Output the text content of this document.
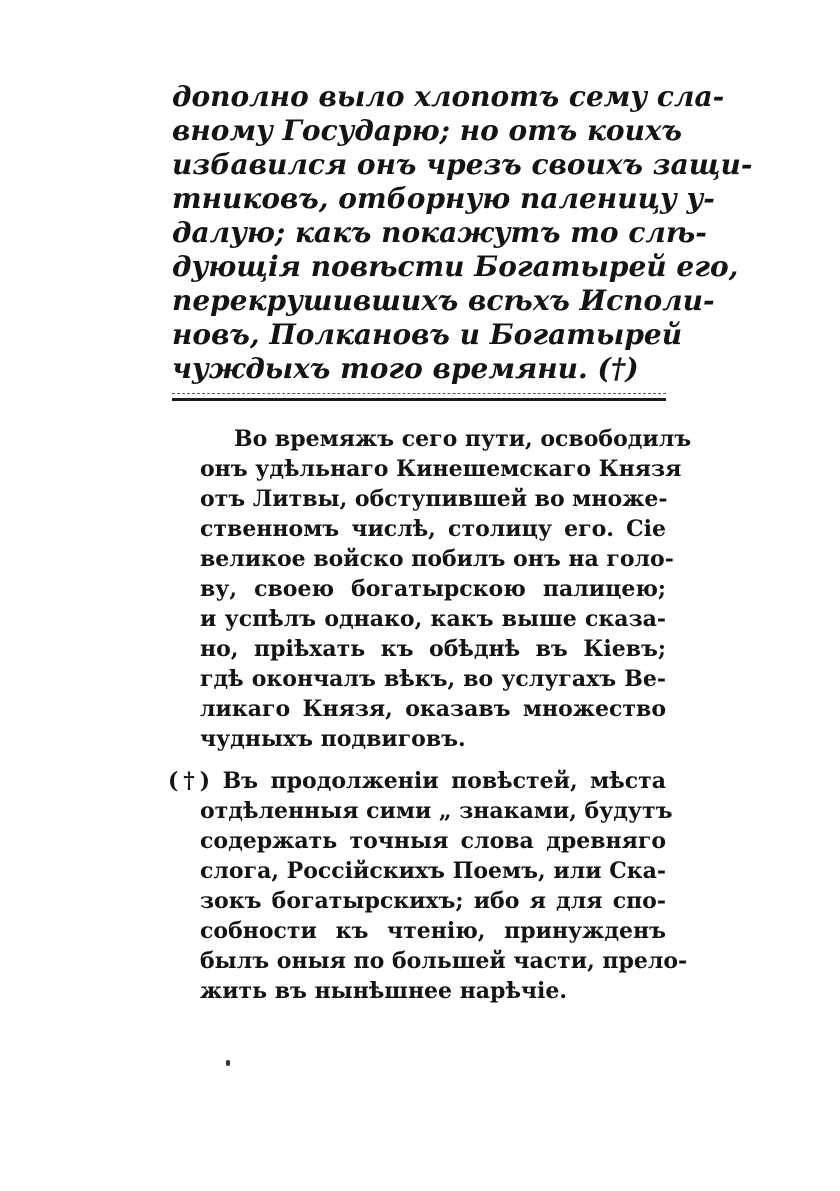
дополно выло хлопотъ сему сла-
вному Государю; но отъ коихъ
избавился онъ чрезъ своихъ защи-
тниковъ, отборную паленицу у-
далую; какъ покажутъ то слѣ-
дующія повѣсти Богатырей его,
перекрушившихъ всѣхъ Исполи-
новъ, Полкановъ и Богатырей
чуждыхъ того времяни. (†)
Во времяжъ сего пути, освободилъ
онъ удѣльнаго Кинешемскаго Князя
отъ Литвы, обступившей во множе-
ственномъ числѣ, столицу его. Сіе
великое войско побилъ онъ на голо-
ву, своею богатырскою палицею;
и успѣлъ однако, какъ выше сказа-
но, пріѣхать къ обѣднѣ въ Кіевъ;
гдѣ окончалъ вѣкъ, во услугахъ Ве-
ликаго Князя, оказавъ множество
чудныхъ подвиговъ.
(†) Въ продолженіи повѣстей, мѣста
отдѣленныя сими „ знаками, будутъ
содержать точныя слова древняго
слога, Россійскихъ Поемъ, или Ска-
зокъ богатырскихъ; ибо я для спо-
собности къ чтенію, принужденъ
былъ оныя по большей части, прело-
жить въ нынѣшнее нарѣчіе.
